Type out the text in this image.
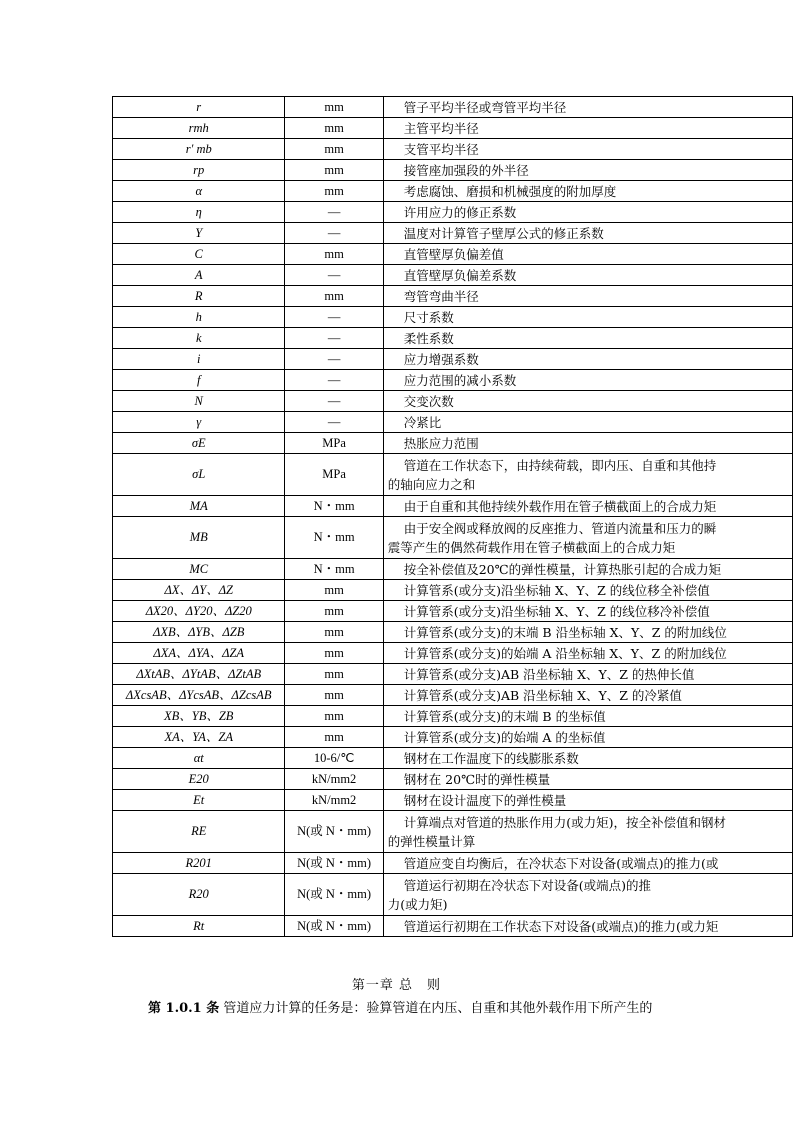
r	mm	管子平均半径或弯管平均半径

rmh	mm	主管平均半径

r′ mb	mm	支管平均半径

rp	mm	接管座加强段的外半径

α	mm	考虑腐蚀、磨损和机械强度的附加厚度

η	—	许用应力的修正系数

Y	—	温度对计算管子壁厚公式的修正系数

C	mm	直管壁厚负偏差值

A	—	直管壁厚负偏差系数

R	mm	弯管弯曲半径

h	—	尺寸系数

k	—	柔性系数

i	—	应力增强系数

f	—	应力范围的减小系数

N	—	交变次数

γ	—	冷紧比

σE	MPa	热胀应力范围

σL	MPa	管道在工作状态下，由持续荷载，即内压、自重和其他持
的轴向应力之和

MA	N・mm	由于自重和其他持续外载作用在管子横截面上的合成力矩

MB	N・mm	由于安全阀或释放阀的反座推力、管道内流量和压力的瞬
震等产生的偶然荷载作用在管子横截面上的合成力矩

MC	N・mm	按全补偿值及20℃的弹性模量，计算热胀引起的合成力矩

ΔX、ΔY、ΔZ	mm	计算管系(或分支)沿坐标轴 X、Y、Z 的线位移全补偿值

ΔX20、ΔY20、ΔZ20	mm	计算管系(或分支)沿坐标轴 X、Y、Z 的线位移冷补偿值

ΔXB、ΔYB、ΔZB	mm	计算管系(或分支)的末端 B 沿坐标轴 X、Y、Z 的附加线位

ΔXA、ΔYA、ΔZA	mm	计算管系(或分支)的始端 A 沿坐标轴 X、Y、Z 的附加线位

ΔXtAB、ΔYtAB、ΔZtAB	mm	计算管系(或分支)AB 沿坐标轴 X、Y、Z 的热伸长值

ΔXcsAB、ΔYcsAB、ΔZcsAB	mm	计算管系(或分支)AB 沿坐标轴 X、Y、Z 的冷紧值

XB、YB、ZB	mm	计算管系(或分支)的末端 B 的坐标值

XA、YA、ZA	mm	计算管系(或分支)的始端 A 的坐标值

αt	10-6/℃	钢材在工作温度下的线膨胀系数

E20	kN/mm2	钢材在 20℃时的弹性模量

Et	kN/mm2	钢材在设计温度下的弹性模量

RE	N(或 N・mm)	计算端点对管道的热胀作用力(或力矩)，按全补偿值和钢材
的弹性模量计算

R201	N(或 N・mm)	管道应变自均衡后，在冷状态下对设备(或端点)的推力(或

R20	N(或 N・mm)	管道运行初期在冷状态下对设备(或端点)的推
力(或力矩)

Rt	N(或 N・mm)	管道运行初期在工作状态下对设备(或端点)的推力(或力矩
第一章 总　则
第 1.0.1 条 管道应力计算的任务是：验算管道在内压、自重和其他外载作用下所产生的
